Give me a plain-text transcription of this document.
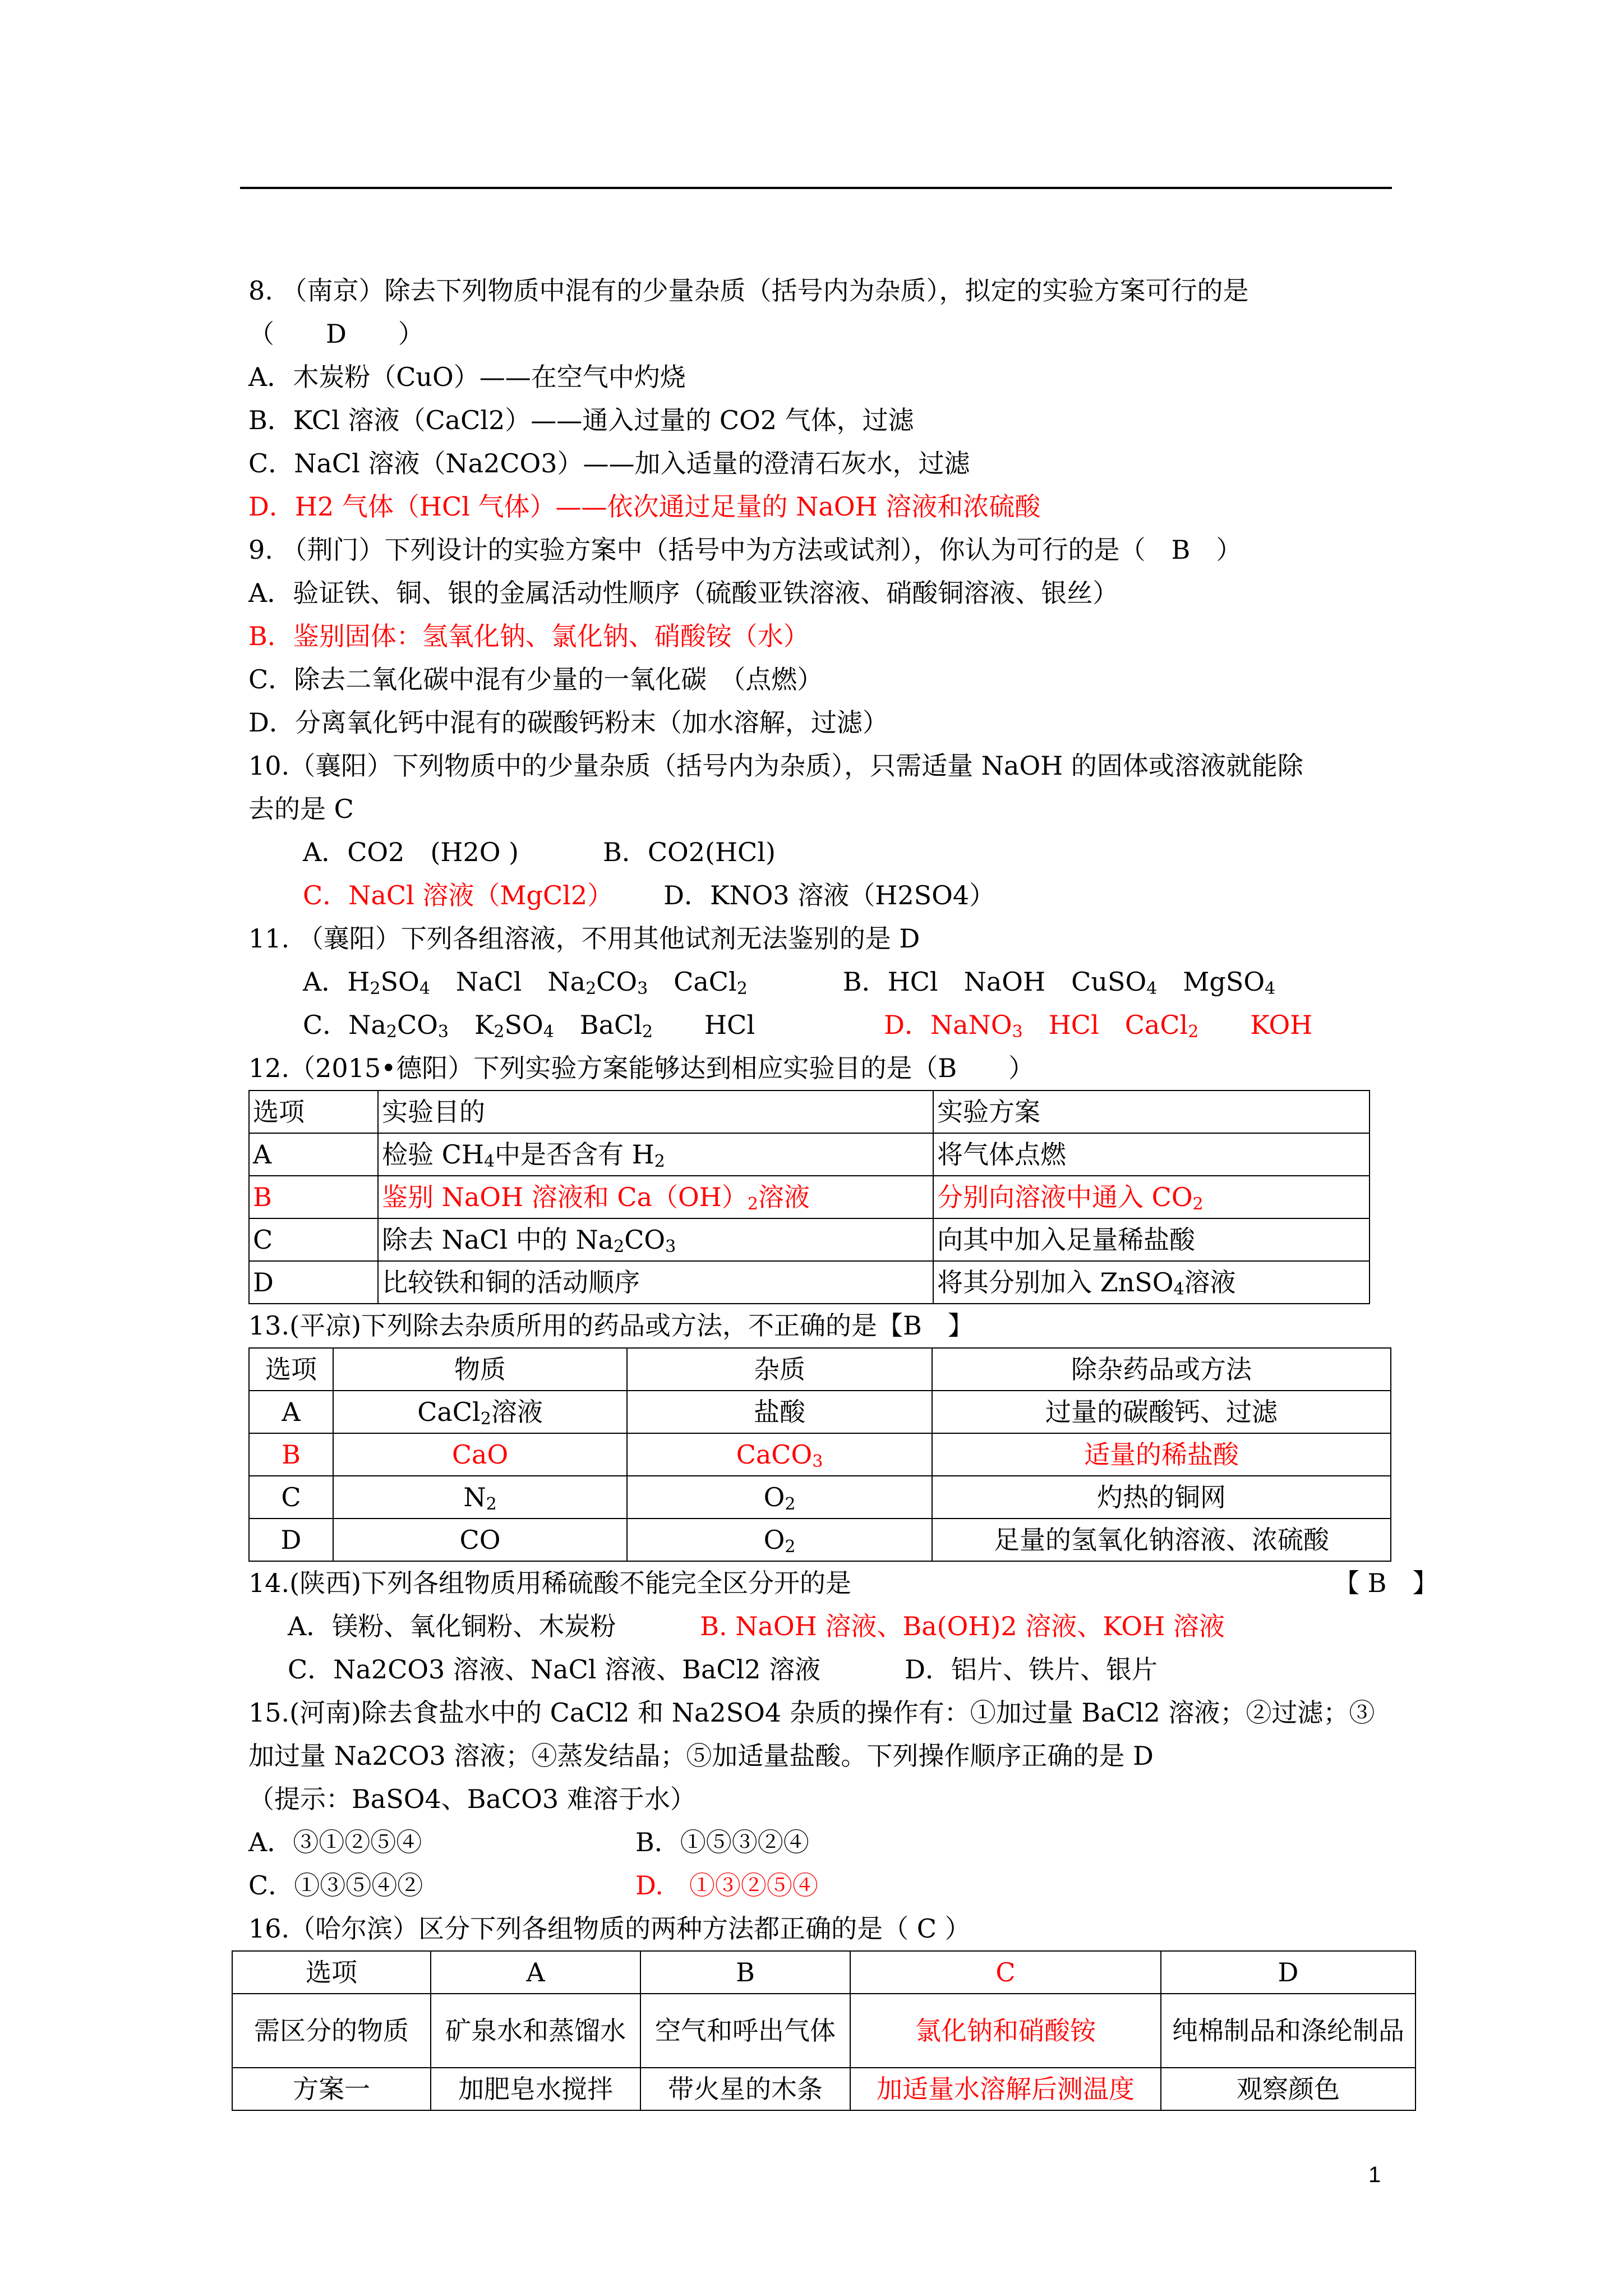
8. （南京）除去下列物质中混有的少量杂质（括号内为杂质），拟定的实验方案可行的是
（　　D　　）
A．木炭粉（CuO）——在空气中灼烧
B．KCl 溶液（CaCl2）——通入过量的 CO2 气体，过滤
C．NaCl 溶液（Na2CO3）——加入适量的澄清石灰水，过滤
D．H2 气体（HCl 气体）——依次通过足量的 NaOH 溶液和浓硫酸
9. （荆门）下列设计的实验方案中（括号中为方法或试剂），你认为可行的是（　B　）
A．验证铁、铜、银的金属活动性顺序（硫酸亚铁溶液、硝酸铜溶液、银丝）
B．鉴别固体：氢氧化钠、氯化钠、硝酸铵（水）
C．除去二氧化碳中混有少量的一氧化碳　（点燃）
D．分离氧化钙中混有的碳酸钙粉末（加水溶解，过滤）
10.（襄阳）下列物质中的少量杂质（括号内为杂质），只需适量 NaOH 的固体或溶液就能除
去的是 C
A．CO2　(H2O )	B．CO2(HCl)
C．NaCl 溶液（MgCl2） D．KNO3 溶液（H2SO4）
11. （襄阳）下列各组溶液，不用其他试剂无法鉴别的是 D
A．$H_2SO_4$　 NaCl　 $Na_2CO_3$　 CaCl$_2$	B．HCl　NaOH　CuSO$_4$　 MgSO$_4$
C．$Na_2CO_3$　 $K_2SO_4$　 BaCl$_2$　　 HCl	D．NaNO$_3$　 HCl　 CaCl$_2$　　 KOH
12.（2015•德阳）下列实验方案能够达到相应实验目的是（B　　）
选项	实验目的	实验方案
A	检验 $CH_4$中是否含有 $H_2$	将气体点燃
B	鉴别 NaOH 溶液和 $Ca(OH)_2$溶液	分别向溶液中通入 $CO_2$
C	除去 NaCl 中的 $Na_2CO_3$	向其中加入足量稀盐酸
D	比较铁和铜的活动顺序	将其分别加入 ZnSO$_4$溶液
13.(平凉)下列除去杂质所用的药品或方法，不正确的是【B　】
选项	物质	杂质	除杂药品或方法
A	CaCl$_2$溶液	盐酸	过量的碳酸钙、过滤
B	CaO	CaCO$_3$	适量的稀盐酸
C	$N_2$	$O_2$	灼热的铜网
D	CO	$O_2$	足量的氢氧化钠溶液、浓硫酸
14.(陕西)下列各组物质用稀硫酸不能完全区分开的是	【 B　】
A．镁粉、氧化铜粉、木炭粉	B. NaOH 溶液、Ba(OH)2 溶液、KOH 溶液
C．Na2CO3 溶液、NaCl 溶液、BaCl2 溶液	D．铝片、铁片、银片
15.(河南)除去食盐水中的 CaCl2 和 Na2SO4 杂质的操作有：①加过量 BaCl2 溶液；②过滤；③
加过量 Na2CO3 溶液；④蒸发结晶；⑤加适量盐酸。下列操作顺序正确的是 D
（提示：BaSO4、BaCO3 难溶于水）
A．③①②⑤④	B．①⑤③②④
C．①③⑤④②	D.　①③②⑤④
16.（哈尔滨）区分下列各组物质的两种方法都正确的是（ C ）
选项	A	B	C	D
需区分的物质	矿泉水和蒸馏水	空气和呼出气体	氯化钠和硝酸铵	纯棉制品和涤纶制品
方案一	加肥皂水搅拌	带火星的木条	加适量水溶解后测温度	观察颜色
1
